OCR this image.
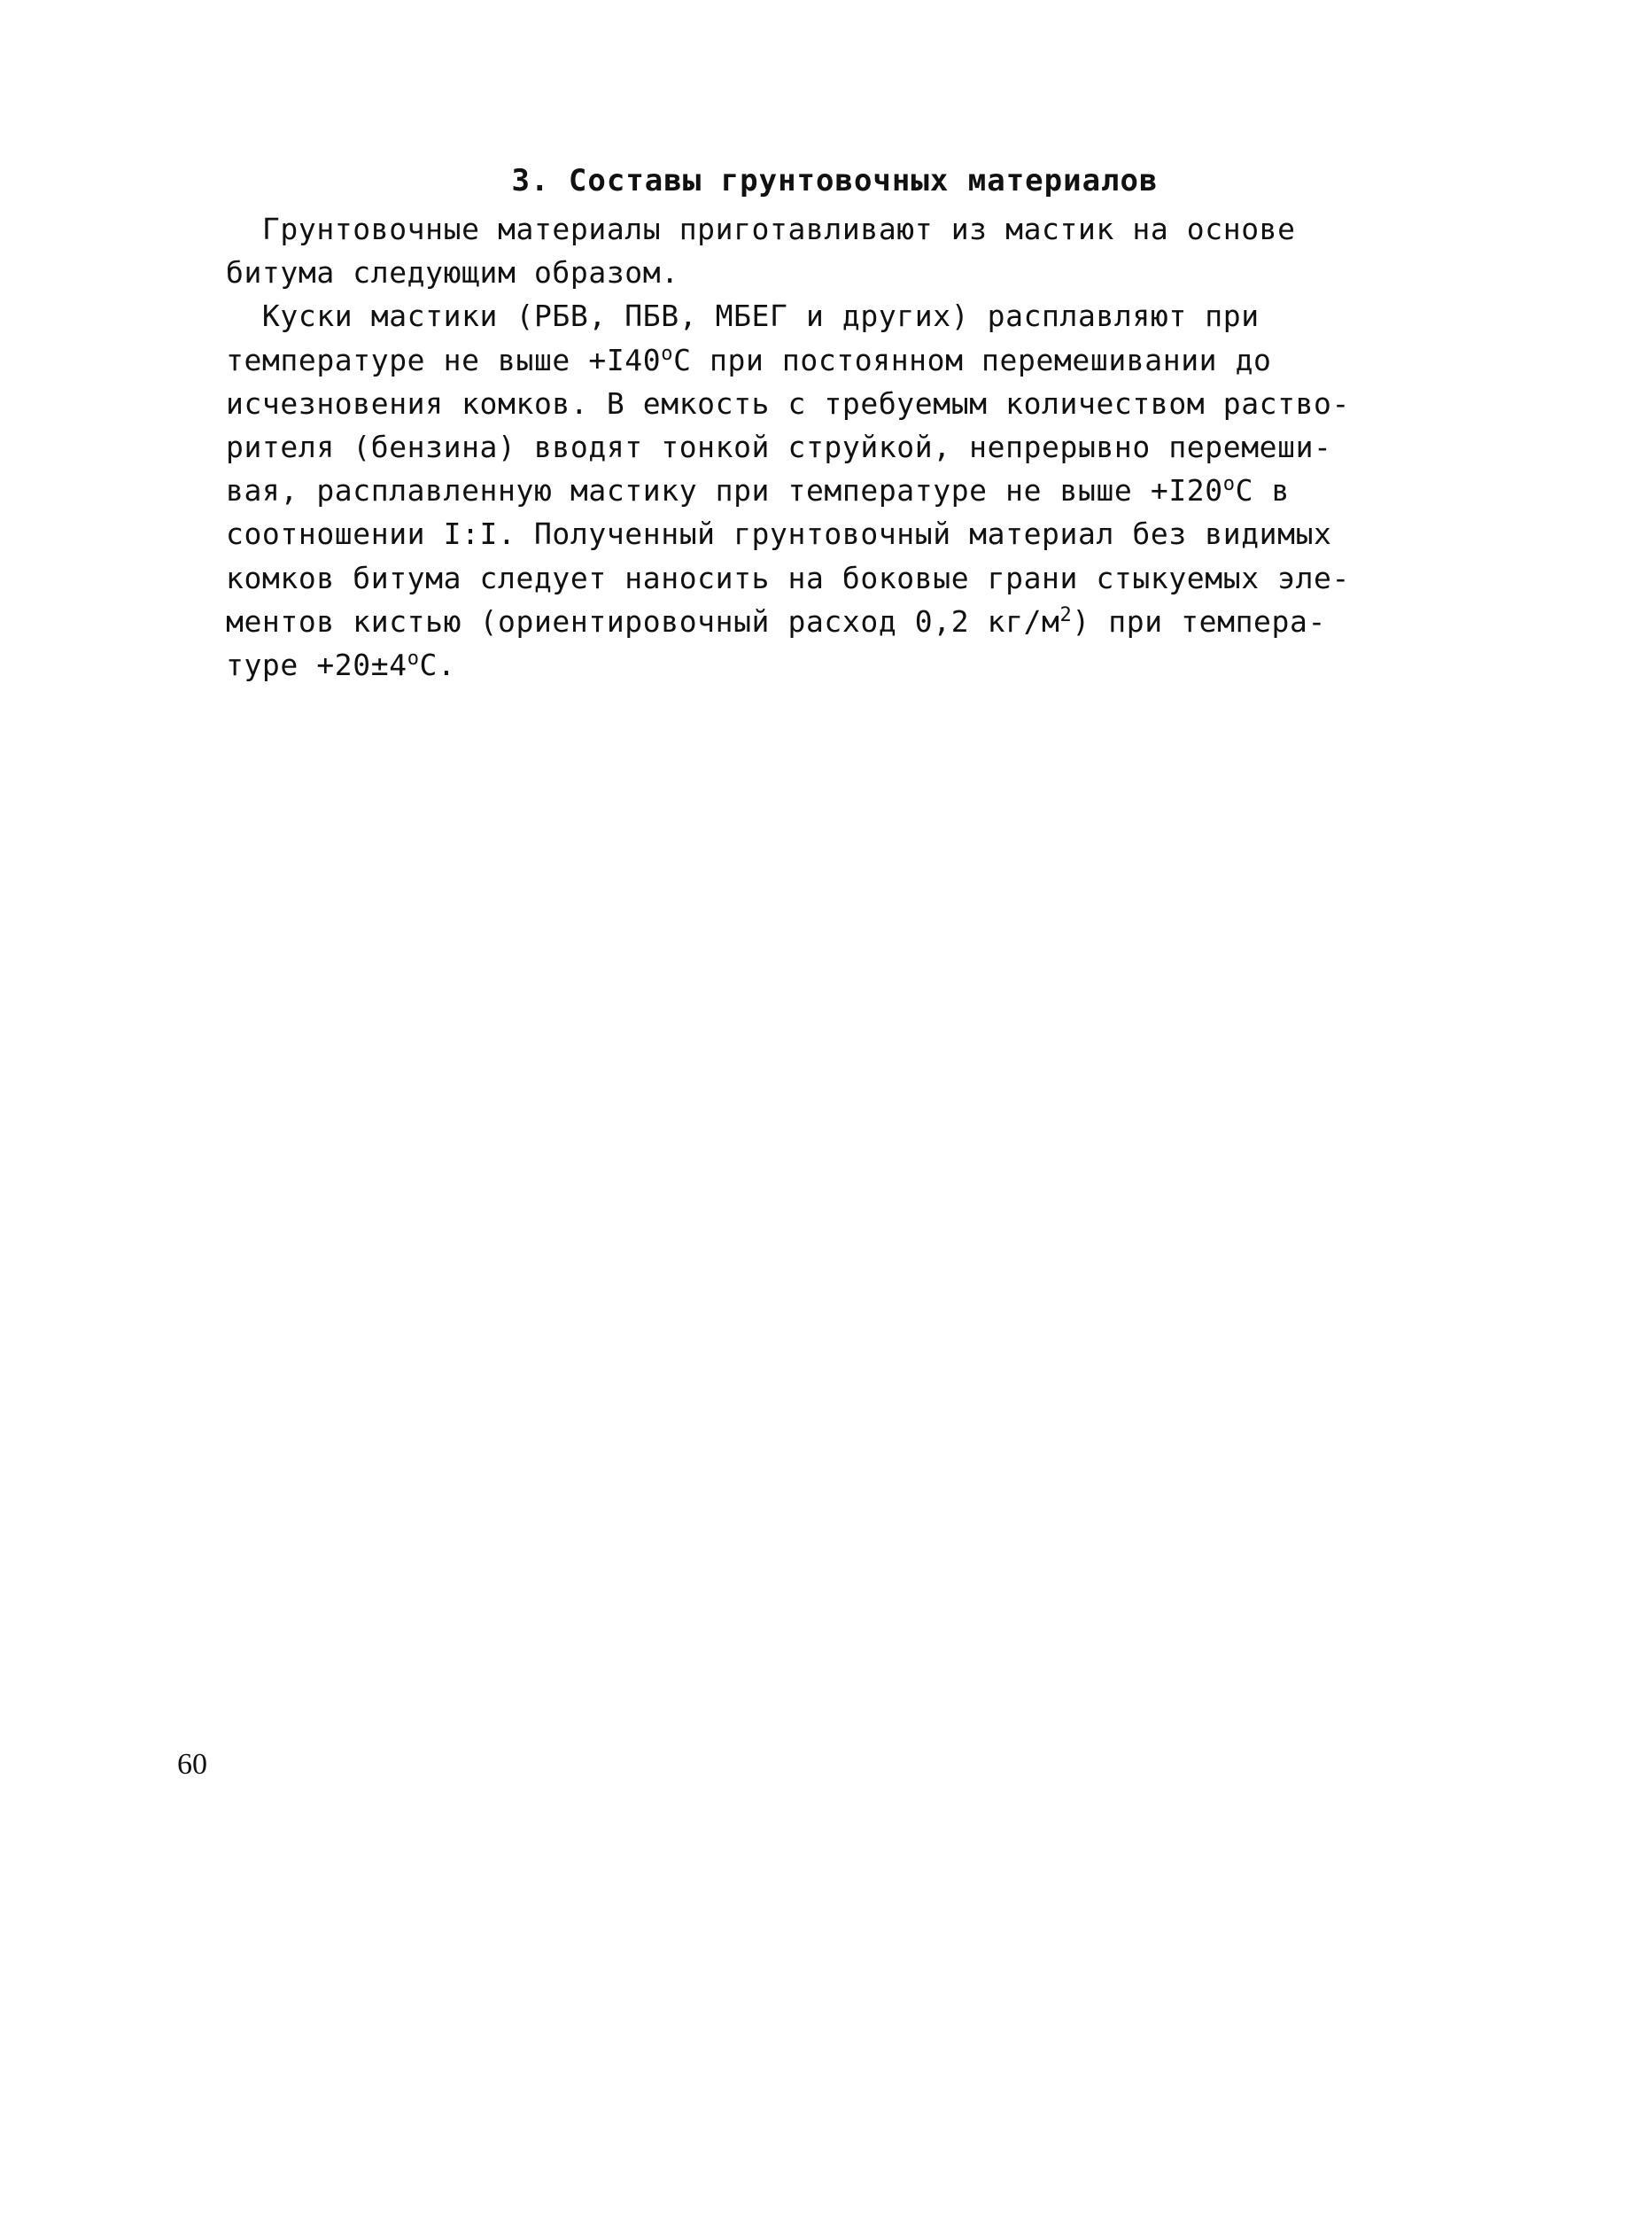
3. Составы грунтовочных материалов
Грунтовочные материалы приготавливают из мастик на основе
битума следующим образом.
Куски мастики (РБВ, ПБВ, МБЕГ и других) расплавляют при
температуре не выше $+I40^оС$ при постоянном перемешивании до
исчезновения комков. В емкость с требуемым количеством раство-
рителя (бензина) вводят тонкой струйкой, непрерывно перемеши-
вая, расплавленную мастику при температуре не выше $+I20^оС$ в
соотношении I:I. Полученный грунтовочный материал без видимых
комков битума следует наносить на боковые грани стыкуемых эле-
ментов кистью (ориентировочный расход 0,2 $кг/м^2$) при темпера-
туре $+20\pm 4^оС$.
60
